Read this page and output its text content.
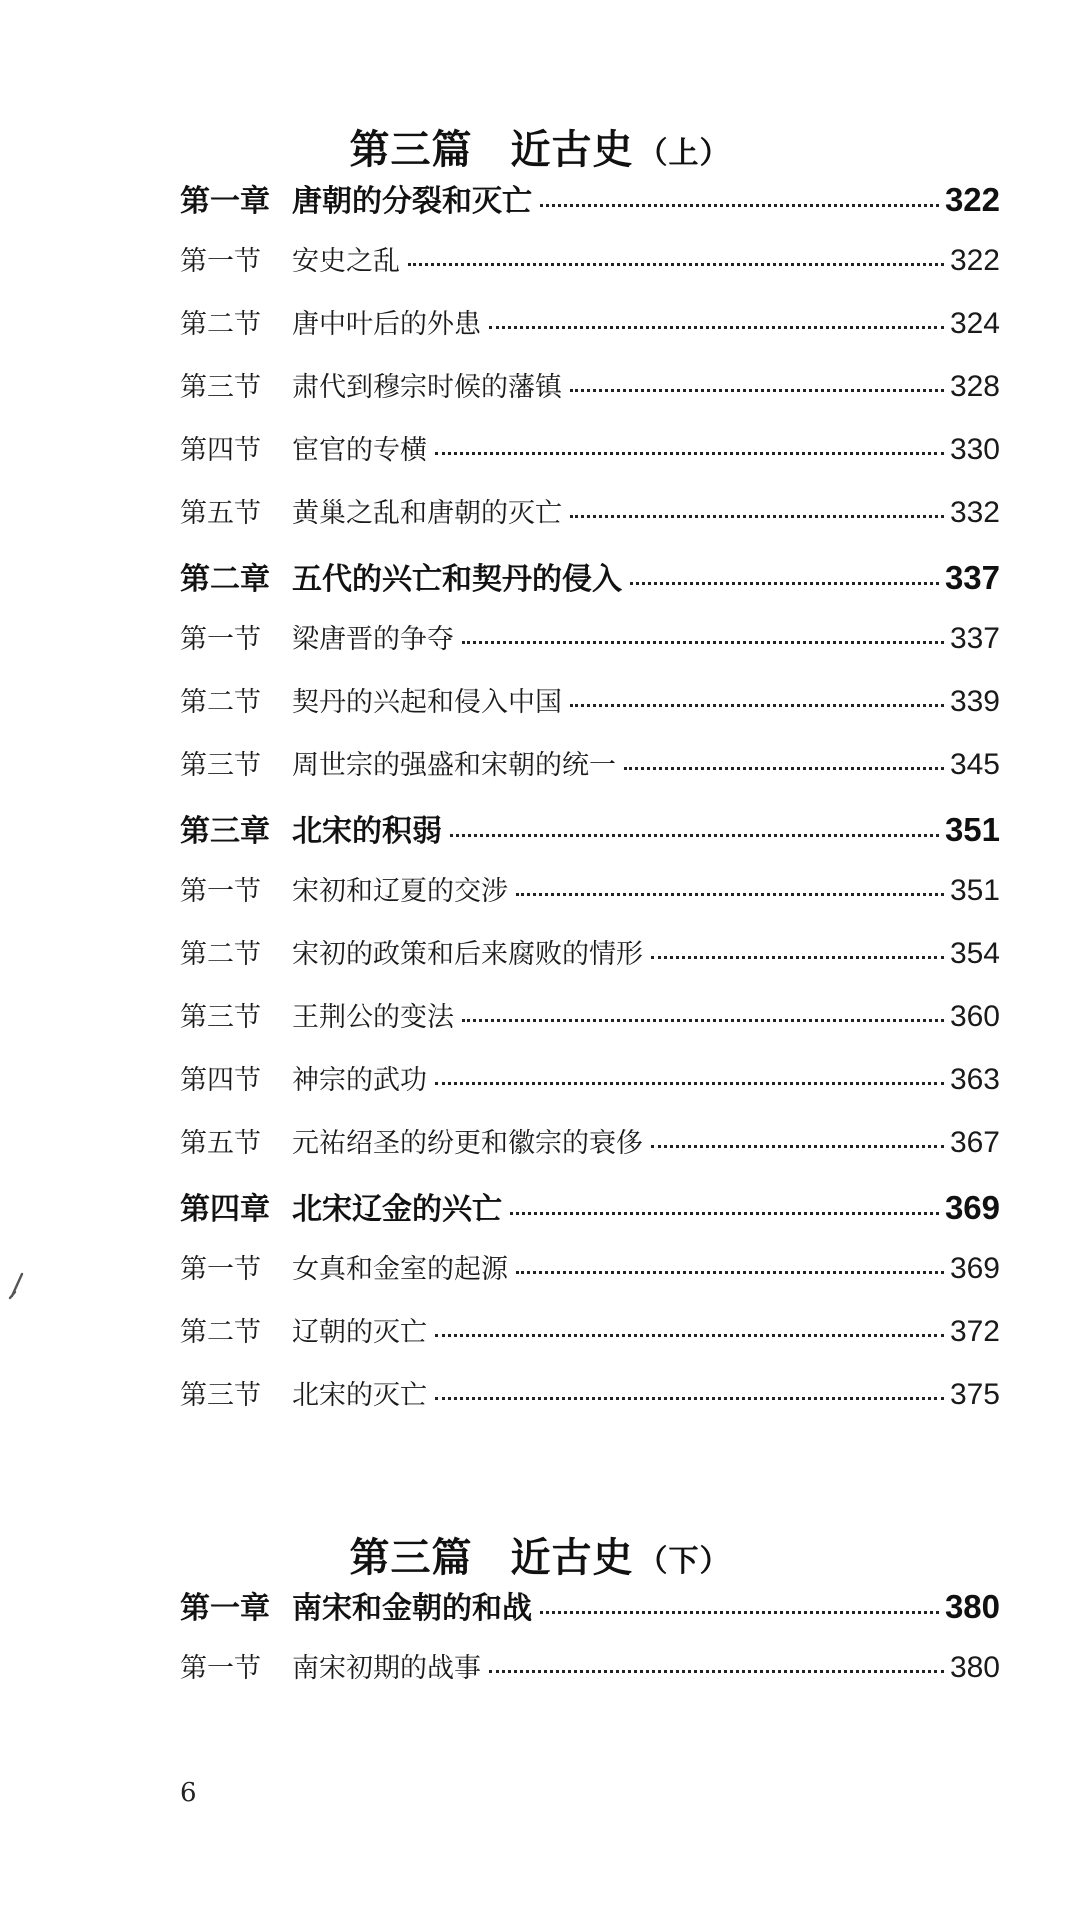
第三篇 近古史 （上）
第一章 唐朝的分裂和灭亡	322
第一节	安史之乱	322
第二节	唐中叶后的外患	324
第三节	肃代到穆宗时候的藩镇	328
第四节	宦官的专横	330
第五节	黄巢之乱和唐朝的灭亡	332
第二章 五代的兴亡和契丹的侵入	337
第一节	梁唐晋的争夺	337
第二节	契丹的兴起和侵入中国	339
第三节	周世宗的强盛和宋朝的统一	345
第三章 北宋的积弱	351
第一节	宋初和辽夏的交涉	351
第二节	宋初的政策和后来腐败的情形	354
第三节	王荆公的变法	360
第四节	神宗的武功	363
第五节	元祐绍圣的纷更和徽宗的衰侈	367
第四章 北宋辽金的兴亡	369
第一节	女真和金室的起源	369
第二节	辽朝的灭亡	372
第三节	北宋的灭亡	375
第三篇 近古史 （下）
第一章 南宋和金朝的和战	380
第一节	南宋初期的战事	380
6
